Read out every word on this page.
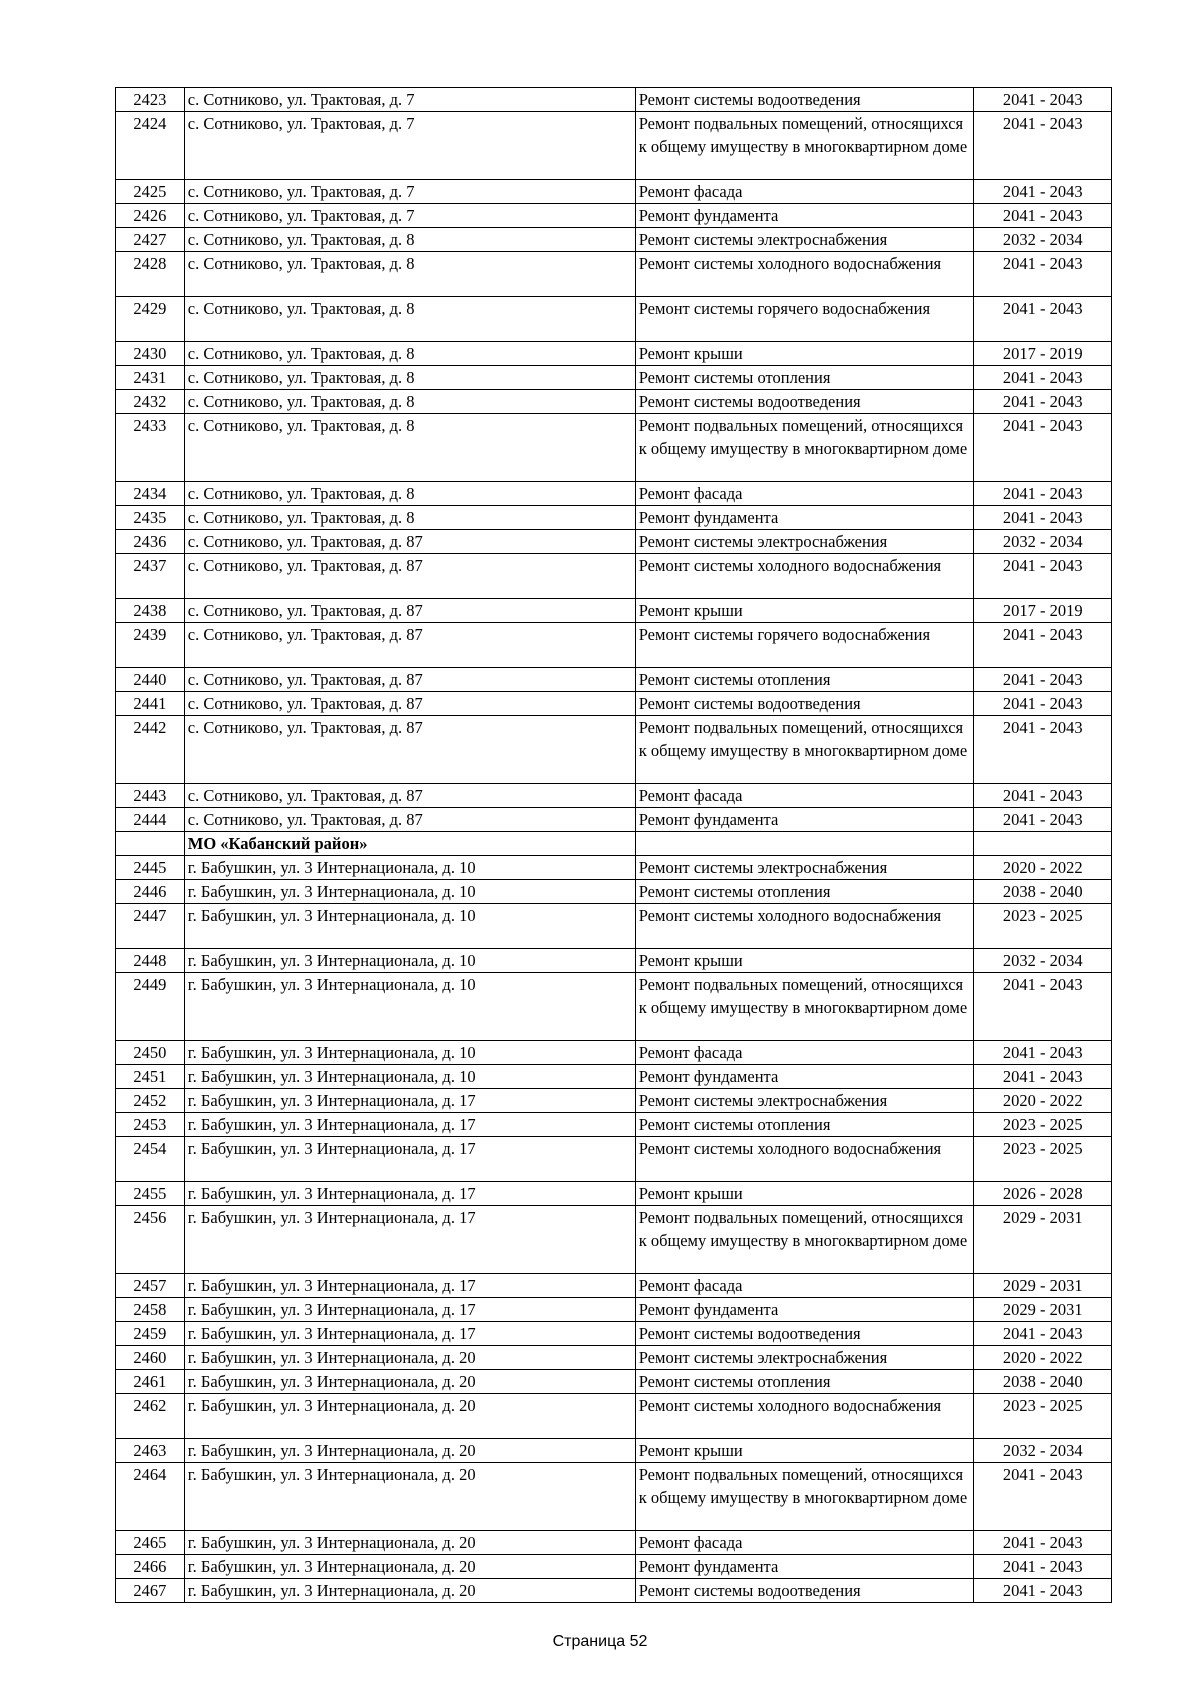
2423	с. Сотниково, ул. Трактовая, д. 7	Ремонт системы водоотведения	2041 - 2043
2424	с. Сотниково, ул. Трактовая, д. 7	Ремонт подвальных помещений, относящихся к общему имуществу в многоквартирном доме	2041 - 2043
2425	с. Сотниково, ул. Трактовая, д. 7	Ремонт фасада	2041 - 2043
2426	с. Сотниково, ул. Трактовая, д. 7	Ремонт фундамента	2041 - 2043
2427	с. Сотниково, ул. Трактовая, д. 8	Ремонт системы электроснабжения	2032 - 2034
2428	с. Сотниково, ул. Трактовая, д. 8	Ремонт системы холодного водоснабжения	2041 - 2043
2429	с. Сотниково, ул. Трактовая, д. 8	Ремонт системы горячего водоснабжения	2041 - 2043
2430	с. Сотниково, ул. Трактовая, д. 8	Ремонт крыши	2017 - 2019
2431	с. Сотниково, ул. Трактовая, д. 8	Ремонт системы отопления	2041 - 2043
2432	с. Сотниково, ул. Трактовая, д. 8	Ремонт системы водоотведения	2041 - 2043
2433	с. Сотниково, ул. Трактовая, д. 8	Ремонт подвальных помещений, относящихся к общему имуществу в многоквартирном доме	2041 - 2043
2434	с. Сотниково, ул. Трактовая, д. 8	Ремонт фасада	2041 - 2043
2435	с. Сотниково, ул. Трактовая, д. 8	Ремонт фундамента	2041 - 2043
2436	с. Сотниково, ул. Трактовая, д. 87	Ремонт системы электроснабжения	2032 - 2034
2437	с. Сотниково, ул. Трактовая, д. 87	Ремонт системы холодного водоснабжения	2041 - 2043
2438	с. Сотниково, ул. Трактовая, д. 87	Ремонт крыши	2017 - 2019
2439	с. Сотниково, ул. Трактовая, д. 87	Ремонт системы горячего водоснабжения	2041 - 2043
2440	с. Сотниково, ул. Трактовая, д. 87	Ремонт системы отопления	2041 - 2043
2441	с. Сотниково, ул. Трактовая, д. 87	Ремонт системы водоотведения	2041 - 2043
2442	с. Сотниково, ул. Трактовая, д. 87	Ремонт подвальных помещений, относящихся к общему имуществу в многоквартирном доме	2041 - 2043
2443	с. Сотниково, ул. Трактовая, д. 87	Ремонт фасада	2041 - 2043
2444	с. Сотниково, ул. Трактовая, д. 87	Ремонт фундамента	2041 - 2043
	МО «Кабанский район»		
2445	г. Бабушкин, ул. 3 Интернационала, д. 10	Ремонт системы электроснабжения	2020 - 2022
2446	г. Бабушкин, ул. 3 Интернационала, д. 10	Ремонт системы отопления	2038 - 2040
2447	г. Бабушкин, ул. 3 Интернационала, д. 10	Ремонт системы холодного водоснабжения	2023 - 2025
2448	г. Бабушкин, ул. 3 Интернационала, д. 10	Ремонт крыши	2032 - 2034
2449	г. Бабушкин, ул. 3 Интернационала, д. 10	Ремонт подвальных помещений, относящихся к общему имуществу в многоквартирном доме	2041 - 2043
2450	г. Бабушкин, ул. 3 Интернационала, д. 10	Ремонт фасада	2041 - 2043
2451	г. Бабушкин, ул. 3 Интернационала, д. 10	Ремонт фундамента	2041 - 2043
2452	г. Бабушкин, ул. 3 Интернационала, д. 17	Ремонт системы электроснабжения	2020 - 2022
2453	г. Бабушкин, ул. 3 Интернационала, д. 17	Ремонт системы отопления	2023 - 2025
2454	г. Бабушкин, ул. 3 Интернационала, д. 17	Ремонт системы холодного водоснабжения	2023 - 2025
2455	г. Бабушкин, ул. 3 Интернационала, д. 17	Ремонт крыши	2026 - 2028
2456	г. Бабушкин, ул. 3 Интернационала, д. 17	Ремонт подвальных помещений, относящихся к общему имуществу в многоквартирном доме	2029 - 2031
2457	г. Бабушкин, ул. 3 Интернационала, д. 17	Ремонт фасада	2029 - 2031
2458	г. Бабушкин, ул. 3 Интернационала, д. 17	Ремонт фундамента	2029 - 2031
2459	г. Бабушкин, ул. 3 Интернационала, д. 17	Ремонт системы водоотведения	2041 - 2043
2460	г. Бабушкин, ул. 3 Интернационала, д. 20	Ремонт системы электроснабжения	2020 - 2022
2461	г. Бабушкин, ул. 3 Интернационала, д. 20	Ремонт системы отопления	2038 - 2040
2462	г. Бабушкин, ул. 3 Интернационала, д. 20	Ремонт системы холодного водоснабжения	2023 - 2025
2463	г. Бабушкин, ул. 3 Интернационала, д. 20	Ремонт крыши	2032 - 2034
2464	г. Бабушкин, ул. 3 Интернационала, д. 20	Ремонт подвальных помещений, относящихся к общему имуществу в многоквартирном доме	2041 - 2043
2465	г. Бабушкин, ул. 3 Интернационала, д. 20	Ремонт фасада	2041 - 2043
2466	г. Бабушкин, ул. 3 Интернационала, д. 20	Ремонт фундамента	2041 - 2043
2467	г. Бабушкин, ул. 3 Интернационала, д. 20	Ремонт системы водоотведения	2041 - 2043
Страница 52
